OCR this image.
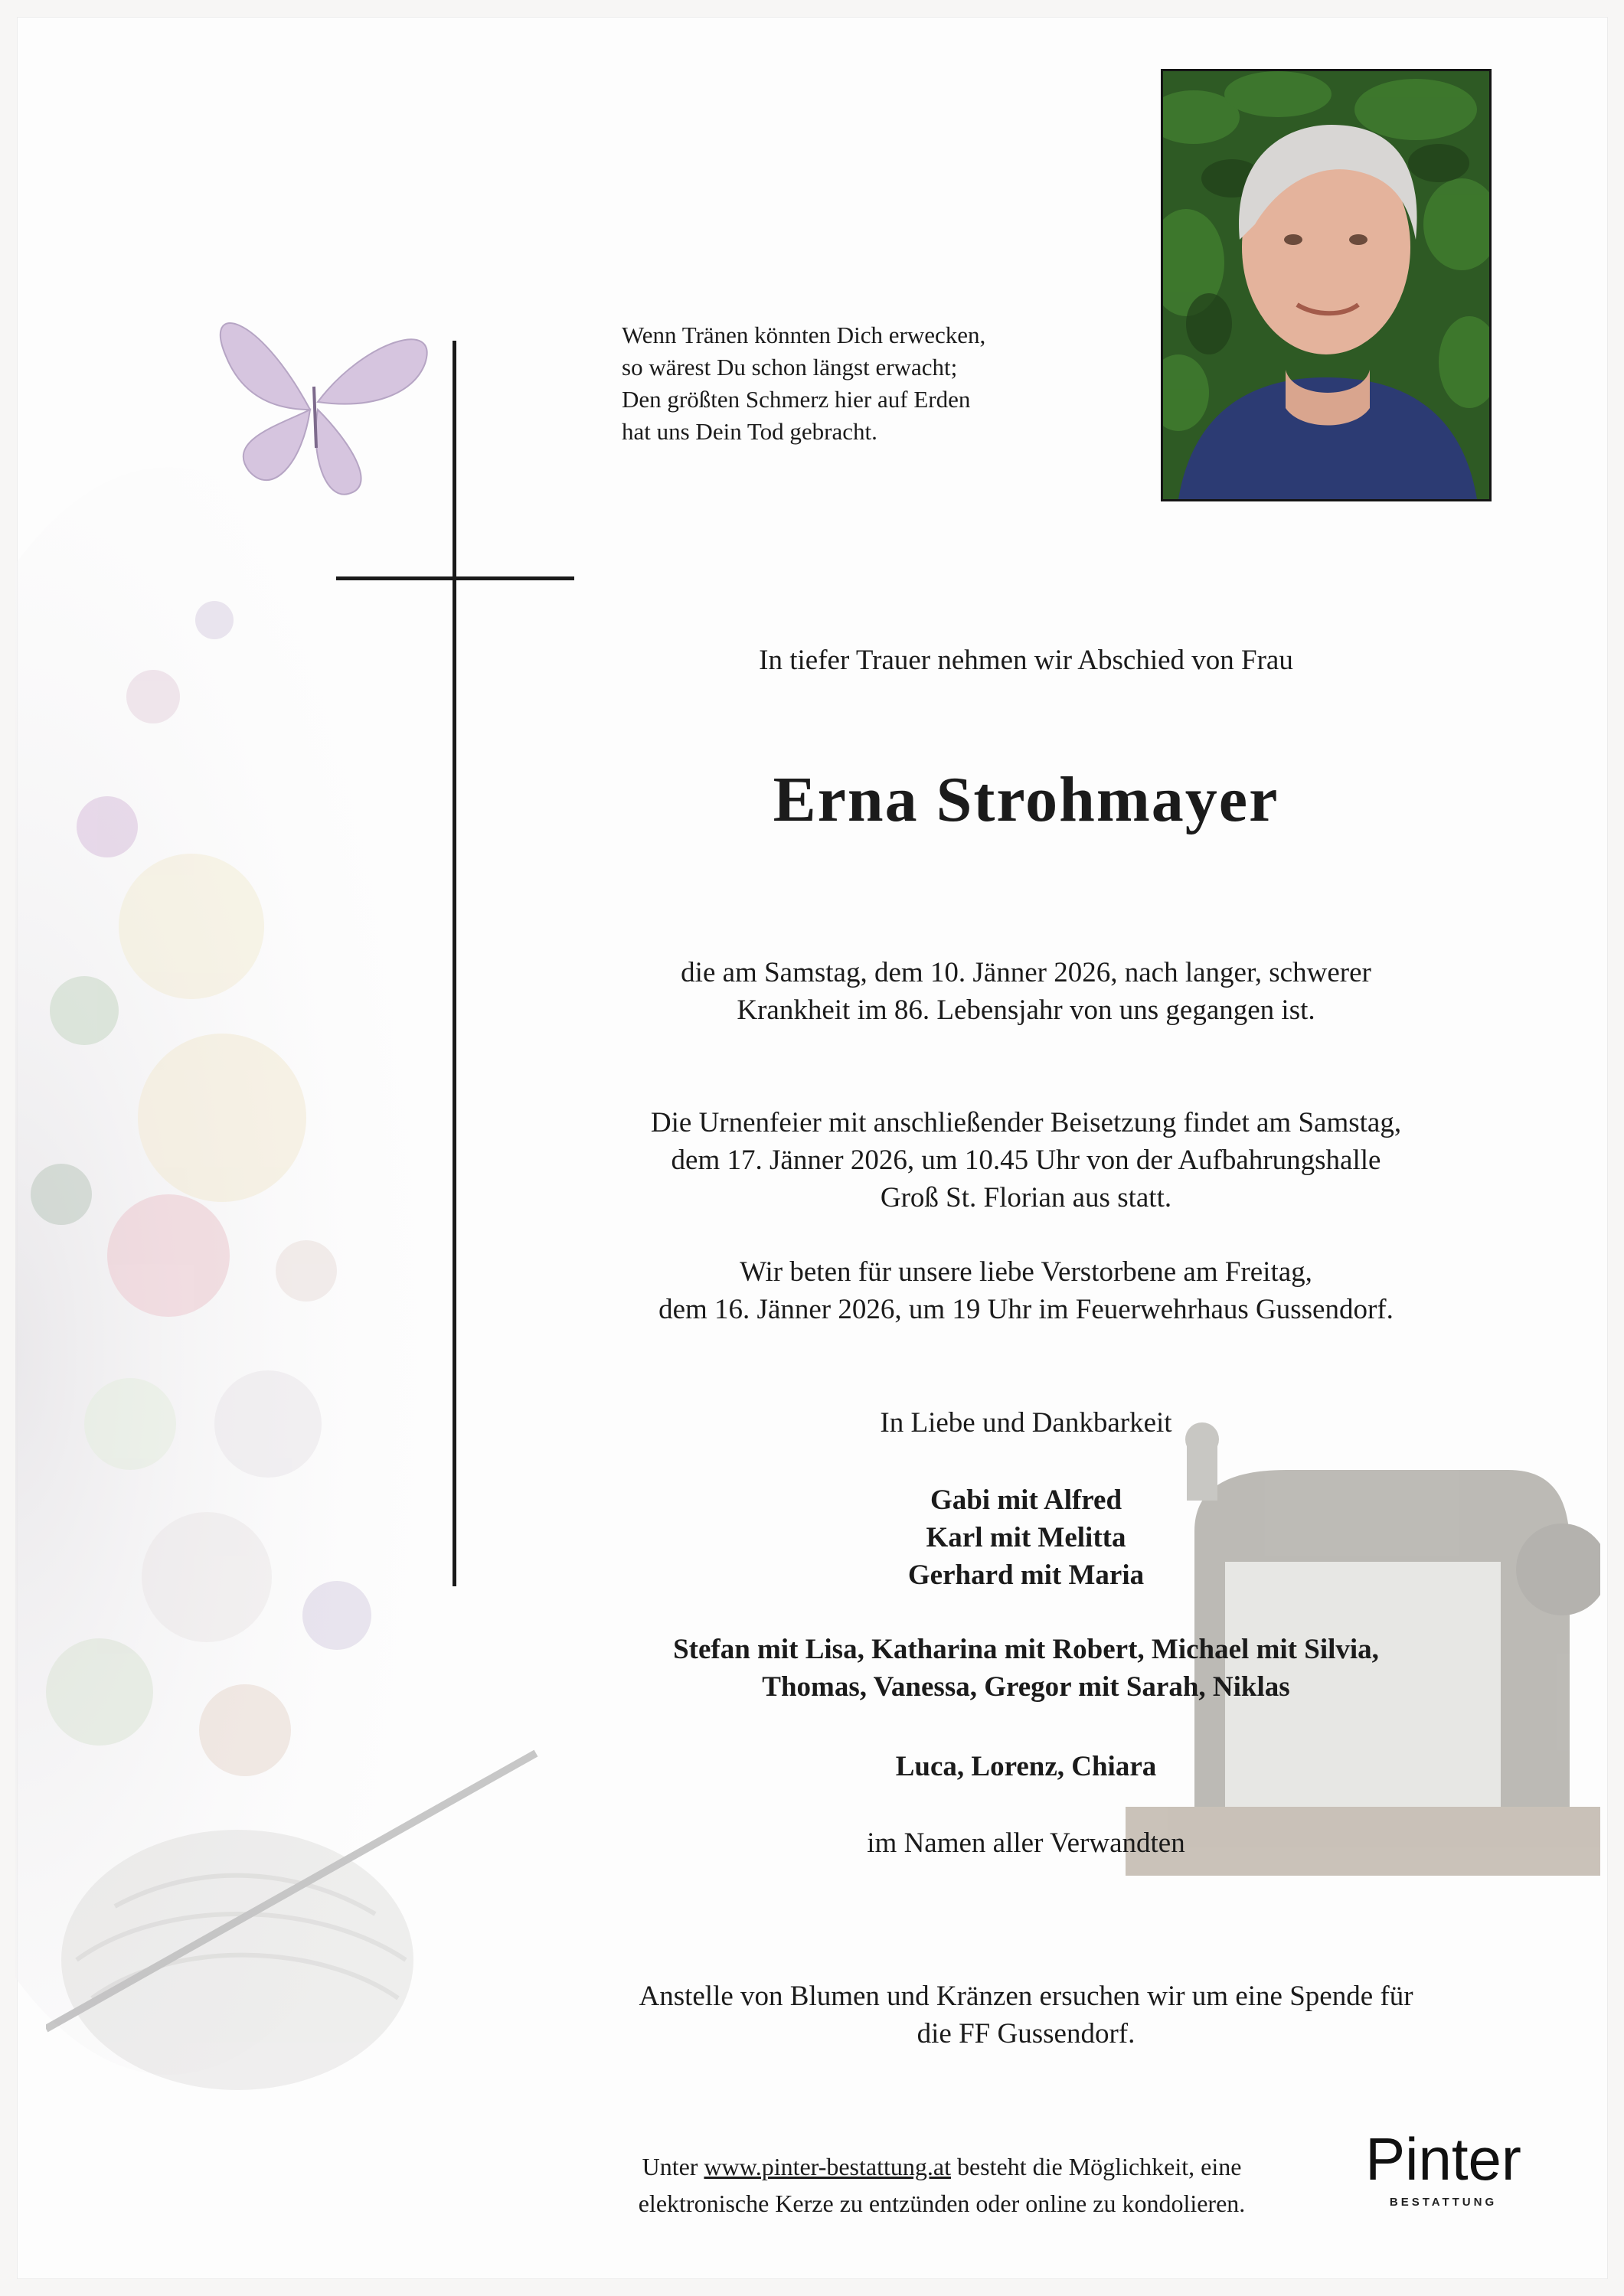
Wenn Tränen könnten Dich erwecken,
so wärest Du schon längst erwacht;
Den größten Schmerz hier auf Erden
hat uns Dein Tod gebracht.
In tiefer Trauer nehmen wir Abschied von Frau
Erna Strohmayer
die am Samstag, dem 10. Jänner 2026, nach langer, schwerer
Krankheit im 86. Lebensjahr von uns gegangen ist.
Die Urnenfeier mit anschließender Beisetzung findet am Samstag,
dem 17. Jänner 2026, um 10.45 Uhr von der Aufbahrungshalle
Groß St. Florian aus statt.
Wir beten für unsere liebe Verstorbene am Freitag,
dem 16. Jänner 2026, um 19 Uhr im Feuerwehrhaus Gussendorf.
In Liebe und Dankbarkeit
Gabi mit Alfred
Karl mit Melitta
Gerhard mit Maria
Stefan mit Lisa, Katharina mit Robert, Michael mit Silvia,
Thomas, Vanessa, Gregor mit Sarah, Niklas
Luca, Lorenz, Chiara
im Namen aller Verwandten
Anstelle von Blumen und Kränzen ersuchen wir um eine Spende für
die FF Gussendorf.
Unter www.pinter-bestattung.at besteht die Möglichkeit, eine
elektronische Kerze zu entzünden oder online zu kondolieren.
Pinter
BESTATTUNG
